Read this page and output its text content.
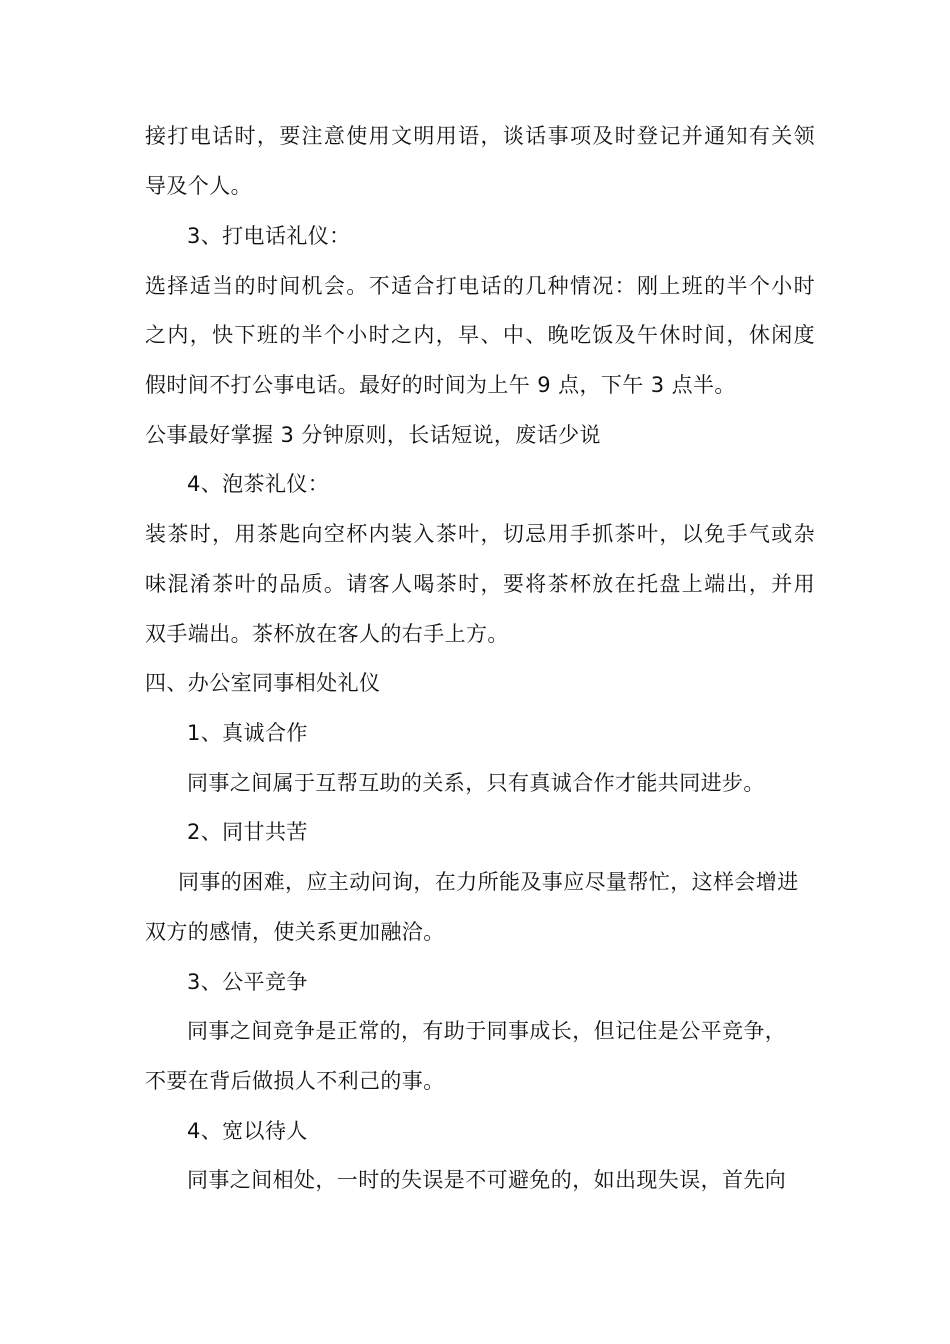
接打电话时，要注意使用文明用语，谈话事项及时登记并通知有关领
导及个人。
3、打电话礼仪：
选择适当的时间机会。不适合打电话的几种情况：刚上班的半个小时
之内，快下班的半个小时之内，早、中、晚吃饭及午休时间，休闲度
假时间不打公事电话。最好的时间为上午 9 点，下午 3 点半。
公事最好掌握 3 分钟原则，长话短说，废话少说
4、泡茶礼仪：
装茶时，用茶匙向空杯内装入茶叶，切忌用手抓茶叶，以免手气或杂
味混淆茶叶的品质。请客人喝茶时，要将茶杯放在托盘上端出，并用
双手端出。茶杯放在客人的右手上方。
四、办公室同事相处礼仪
1、真诚合作
同事之间属于互帮互助的关系，只有真诚合作才能共同进步。
2、同甘共苦
同事的困难，应主动问询，在力所能及事应尽量帮忙，这样会增进
双方的感情，使关系更加融洽。
3、公平竞争
同事之间竞争是正常的，有助于同事成长，但记住是公平竞争，
不要在背后做损人不利己的事。
4、宽以待人
同事之间相处，一时的失误是不可避免的，如出现失误，首先向
